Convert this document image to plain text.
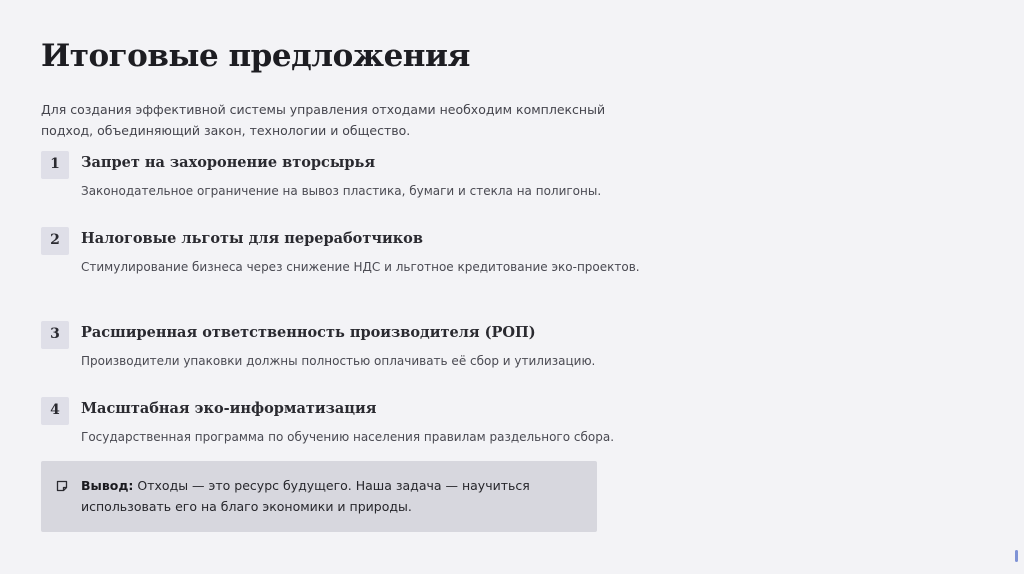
Итоговые предложения

Для создания эффективной системы управления отходами необходим комплексный подход, объединяющий закон, технологии и общество.

1	Запрет на захоронение вторсырья

Законодательное ограничение на вывоз пластика, бумаги и стекла на полигоны.

2	Налоговые льготы для переработчиков

Стимулирование бизнеса через снижение НДС и льготное кредитование эко-проектов.

3	Расширенная ответственность производителя (РОП)

Производители упаковки должны полностью оплачивать её сбор и утилизацию.

4	Масштабная эко-информатизация

Государственная программа по обучению населения правилам раздельного сбора.

Вывод: Отходы — это ресурс будущего. Наша задача — научиться использовать его на благо экономики и природы.
